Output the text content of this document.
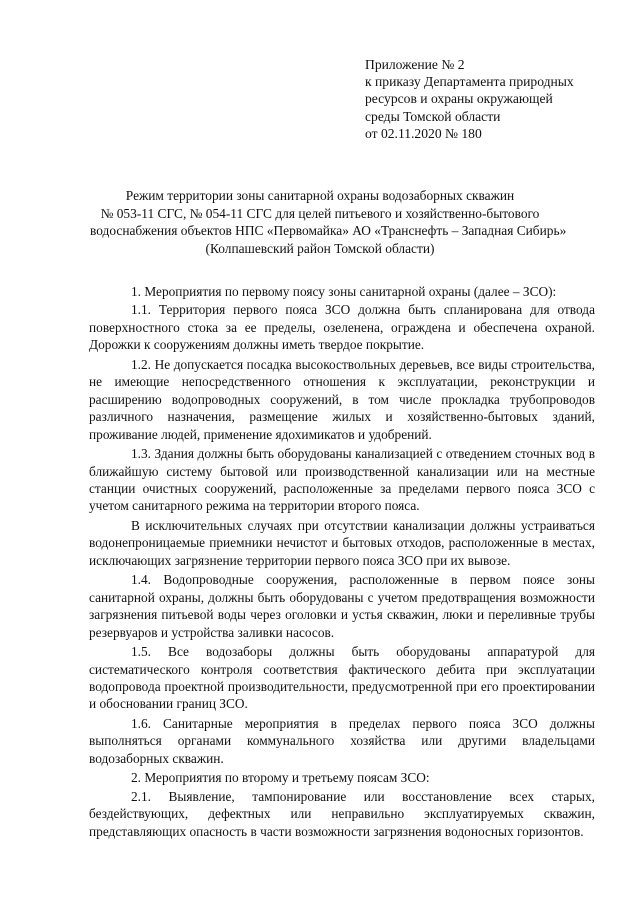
Приложение № 2
к приказу Департамента природных
ресурсов и охраны окружающей
среды Томской области
от 02.11.2020 № 180
Режим территории зоны санитарной охраны водозаборных скважин
№ 053-11 СГС, № 054-11 СГС для целей питьевого и хозяйственно-бытового
водоснабжения объектов НПС «Первомайка» АО «Транснефть – Западная Сибирь»
(Колпашевский район Томской области)

1. Мероприятия по первому поясу зоны санитарной охраны (далее – ЗСО):

1.1. Территория первого пояса ЗСО должна быть спланирована для отвода поверхностного стока за ее пределы, озеленена, ограждена и обеспечена охраной. Дорожки к сооружениям должны иметь твердое покрытие.

1.2. Не допускается посадка высокоствольных деревьев, все виды строительства, не имеющие непосредственного отношения к эксплуатации, реконструкции и расширению водопроводных сооружений, в том числе прокладка трубопроводов различного назначения, размещение жилых и хозяйственно-бытовых зданий, проживание людей, применение ядохимикатов и удобрений.

1.3. Здания должны быть оборудованы канализацией с отведением сточных вод в ближайшую систему бытовой или производственной канализации или на местные станции очистных сооружений, расположенные за пределами первого пояса ЗСО с учетом санитарного режима на территории второго пояса.

В исключительных случаях при отсутствии канализации должны устраиваться водонепроницаемые приемники нечистот и бытовых отходов, расположенные в местах, исключающих загрязнение территории первого пояса ЗСО при их вывозе.

1.4. Водопроводные сооружения, расположенные в первом поясе зоны санитарной охраны, должны быть оборудованы с учетом предотвращения возможности загрязнения питьевой воды через оголовки и устья скважин, люки и переливные трубы резервуаров и устройства заливки насосов.

1.5. Все водозаборы должны быть оборудованы аппаратурой для систематического контроля соответствия фактического дебита при эксплуатации водопровода проектной производительности, предусмотренной при его проектировании и обосновании границ ЗСО.

1.6. Санитарные мероприятия в пределах первого пояса ЗСО должны выполняться органами коммунального хозяйства или другими владельцами водозаборных скважин.

2. Мероприятия по второму и третьему поясам ЗСО:

2.1. Выявление, тампонирование или восстановление всех старых, бездействующих, дефектных или неправильно эксплуатируемых скважин, представляющих опасность в части возможности загрязнения водоносных горизонтов.
